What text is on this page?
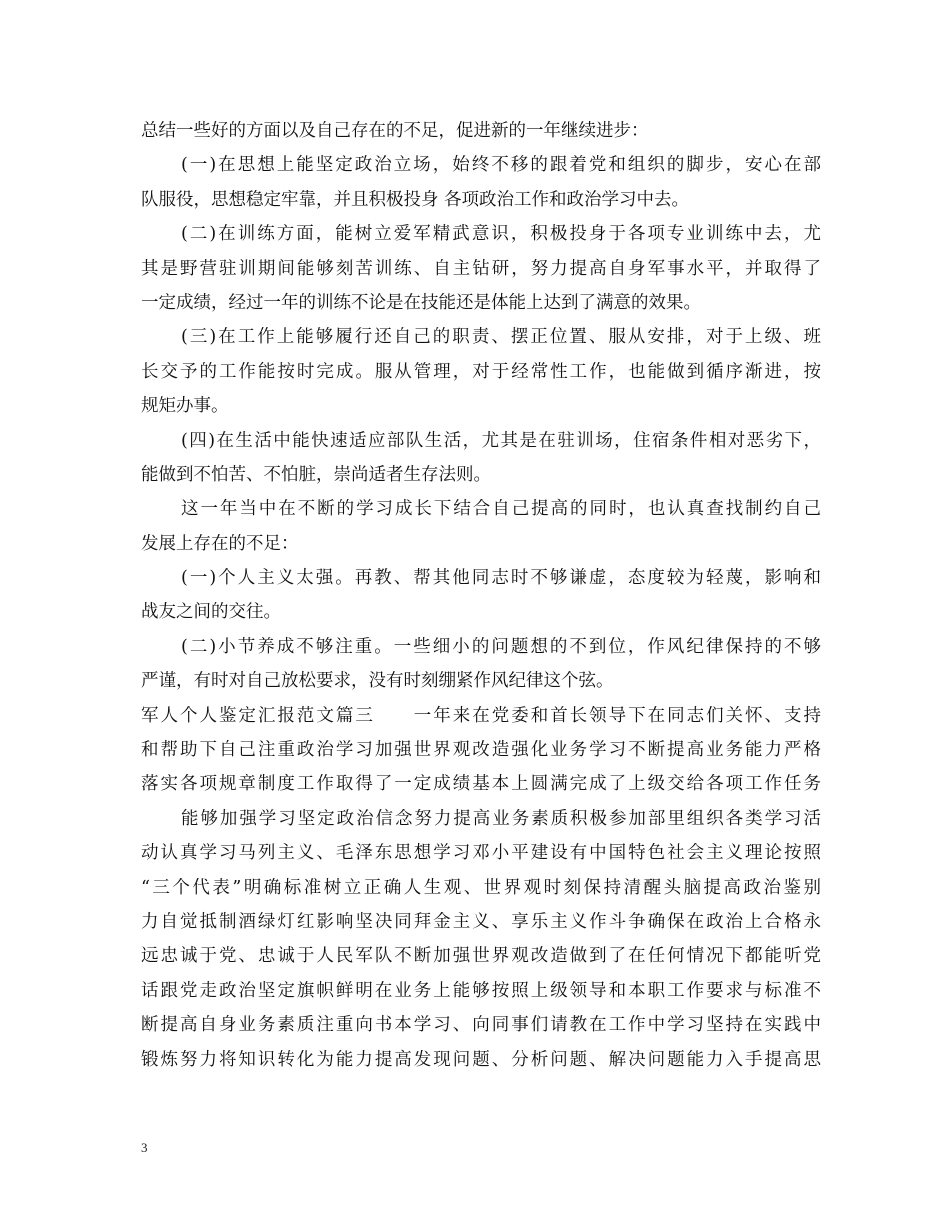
总结一些好的方面以及自己存在的不足，促进新的一年继续进步：
(一)在思想上能坚定政治立场，始终不移的跟着党和组织的脚步，安心在部
队服役，思想稳定牢靠，并且积极投身 各项政治工作和政治学习中去。
(二)在训练方面，能树立爱军精武意识，积极投身于各项专业训练中去，尤
其是野营驻训期间能够刻苦训练、自主钻研，努力提高自身军事水平，并取得了
一定成绩，经过一年的训练不论是在技能还是体能上达到了满意的效果。
(三)在工作上能够履行还自己的职责、摆正位置、服从安排，对于上级、班
长交予的工作能按时完成。服从管理，对于经常性工作，也能做到循序渐进，按
规矩办事。
(四)在生活中能快速适应部队生活，尤其是在驻训场，住宿条件相对恶劣下，
能做到不怕苦、不怕脏，崇尚适者生存法则。
这一年当中在不断的学习成长下结合自己提高的同时，也认真查找制约自己
发展上存在的不足：
(一)个人主义太强。再教、帮其他同志时不够谦虚，态度较为轻蔑，影响和
战友之间的交往。
(二)小节养成不够注重。一些细小的问题想的不到位，作风纪律保持的不够
严谨，有时对自己放松要求，没有时刻绷紧作风纪律这个弦。
军人个人鉴定汇报范文篇三　　一年来在党委和首长领导下在同志们关怀、支持
和帮助下自己注重政治学习加强世界观改造强化业务学习不断提高业务能力严格
落实各项规章制度工作取得了一定成绩基本上圆满完成了上级交给各项工作任务
能够加强学习坚定政治信念努力提高业务素质积极参加部里组织各类学习活
动认真学习马列主义、毛泽东思想学习邓小平建设有中国特色社会主义理论按照
“三个代表”明确标准树立正确人生观、世界观时刻保持清醒头脑提高政治鉴别
力自觉抵制酒绿灯红影响坚决同拜金主义、享乐主义作斗争确保在政治上合格永
远忠诚于党、忠诚于人民军队不断加强世界观改造做到了在任何情况下都能听党
话跟党走政治坚定旗帜鲜明在业务上能够按照上级领导和本职工作要求与标准不
断提高自身业务素质注重向书本学习、向同事们请教在工作中学习坚持在实践中
锻炼努力将知识转化为能力提高发现问题、分析问题、解决问题能力入手提高思
3
